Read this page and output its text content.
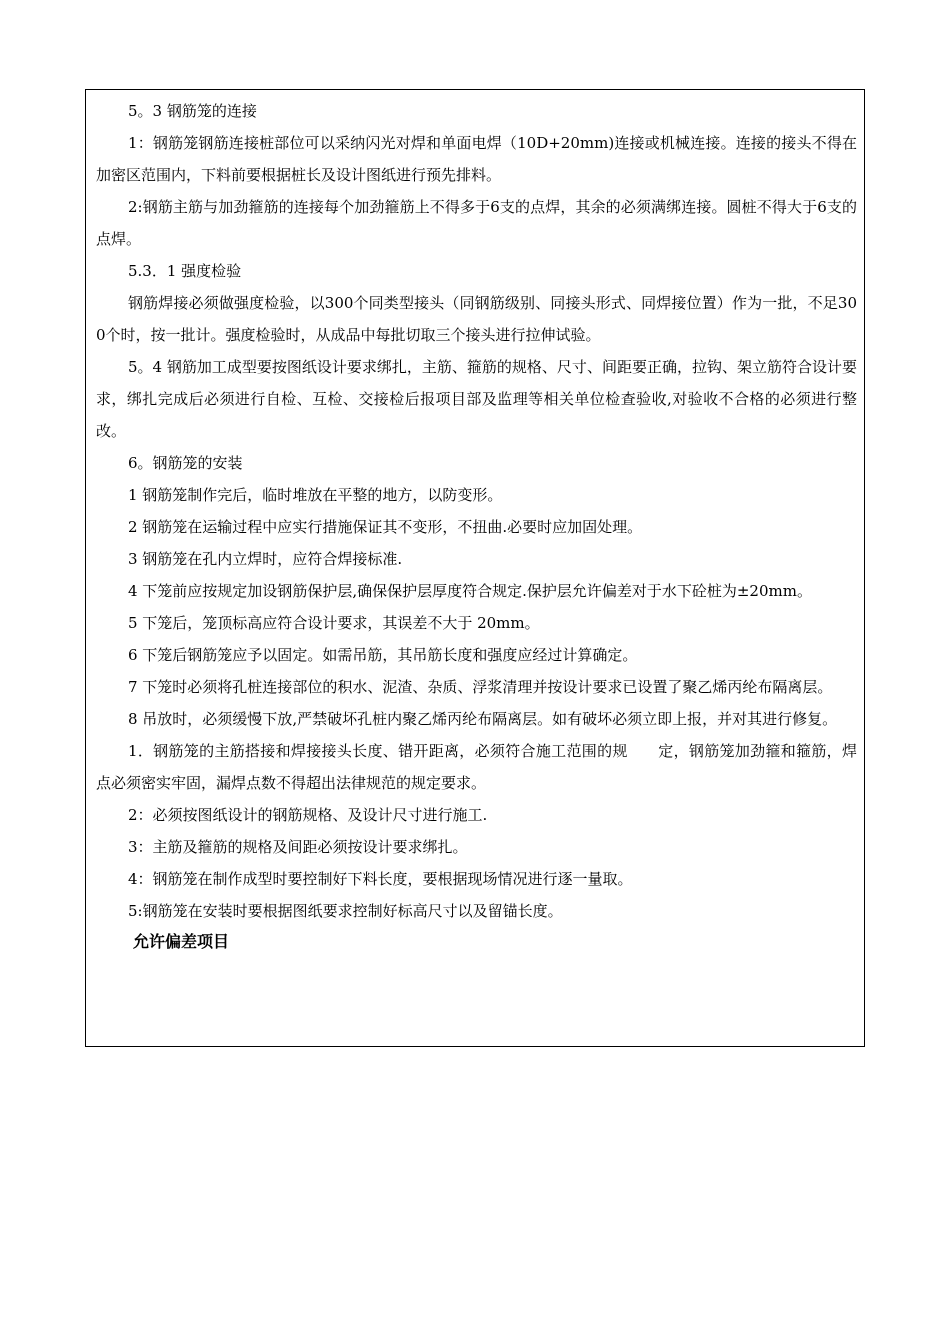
5。3 钢筋笼的连接

1：钢筋笼钢筋连接桩部位可以采纳闪光对焊和单面电焊（10D+20mm)连接或机械连接。连接的接头不得在加密区范围内，下料前要根据桩长及设计图纸进行预先排料。

2:钢筋主筋与加劲箍筋的连接每个加劲箍筋上不得多于6支的点焊，其余的必须满绑连接。圆桩不得大于6支的点焊。

5.3．1 强度检验

钢筋焊接必须做强度检验，以300个同类型接头（同钢筋级别、同接头形式、同焊接位置）作为一批，不足300个时，按一批计。强度检验时，从成品中每批切取三个接头进行拉伸试验。

5。4 钢筋加工成型要按图纸设计要求绑扎，主筋、箍筋的规格、尺寸、间距要正确，拉钩、架立筋符合设计要求，绑扎完成后必须进行自检、互检、交接检后报项目部及监理等相关单位检查验收,对验收不合格的必须进行整改。

6。钢筋笼的安装

1 钢筋笼制作完后，临时堆放在平整的地方，以防变形。

2 钢筋笼在运输过程中应实行措施保证其不变形，不扭曲.必要时应加固处理。

3 钢筋笼在孔内立焊时，应符合焊接标准.

4 下笼前应按规定加设钢筋保护层,确保保护层厚度符合规定.保护层允许偏差对于水下砼桩为±20mm。

5 下笼后，笼顶标高应符合设计要求，其误差不大于 20mm。

6 下笼后钢筋笼应予以固定。如需吊筋，其吊筋长度和强度应经过计算确定。

7 下笼时必须将孔桩连接部位的积水、泥渣、杂质、浮浆清理并按设计要求已设置了聚乙烯丙纶布隔离层。

8 吊放时，必须缓慢下放,严禁破坏孔桩内聚乙烯丙纶布隔离层。如有破坏必须立即上报，并对其进行修复。

1．钢筋笼的主筋搭接和焊接接头长度、错开距离，必须符合施工范围的规　　定，钢筋笼加劲箍和箍筋，焊点必须密实牢固，漏焊点数不得超出法律规范的规定要求。

2：必须按图纸设计的钢筋规格、及设计尺寸进行施工.

3：主筋及箍筋的规格及间距必须按设计要求绑扎。

4：钢筋笼在制作成型时要控制好下料长度，要根据现场情况进行逐一量取。

5:钢筋笼在安装时要根据图纸要求控制好标高尺寸以及留锚长度。

允许偏差项目
